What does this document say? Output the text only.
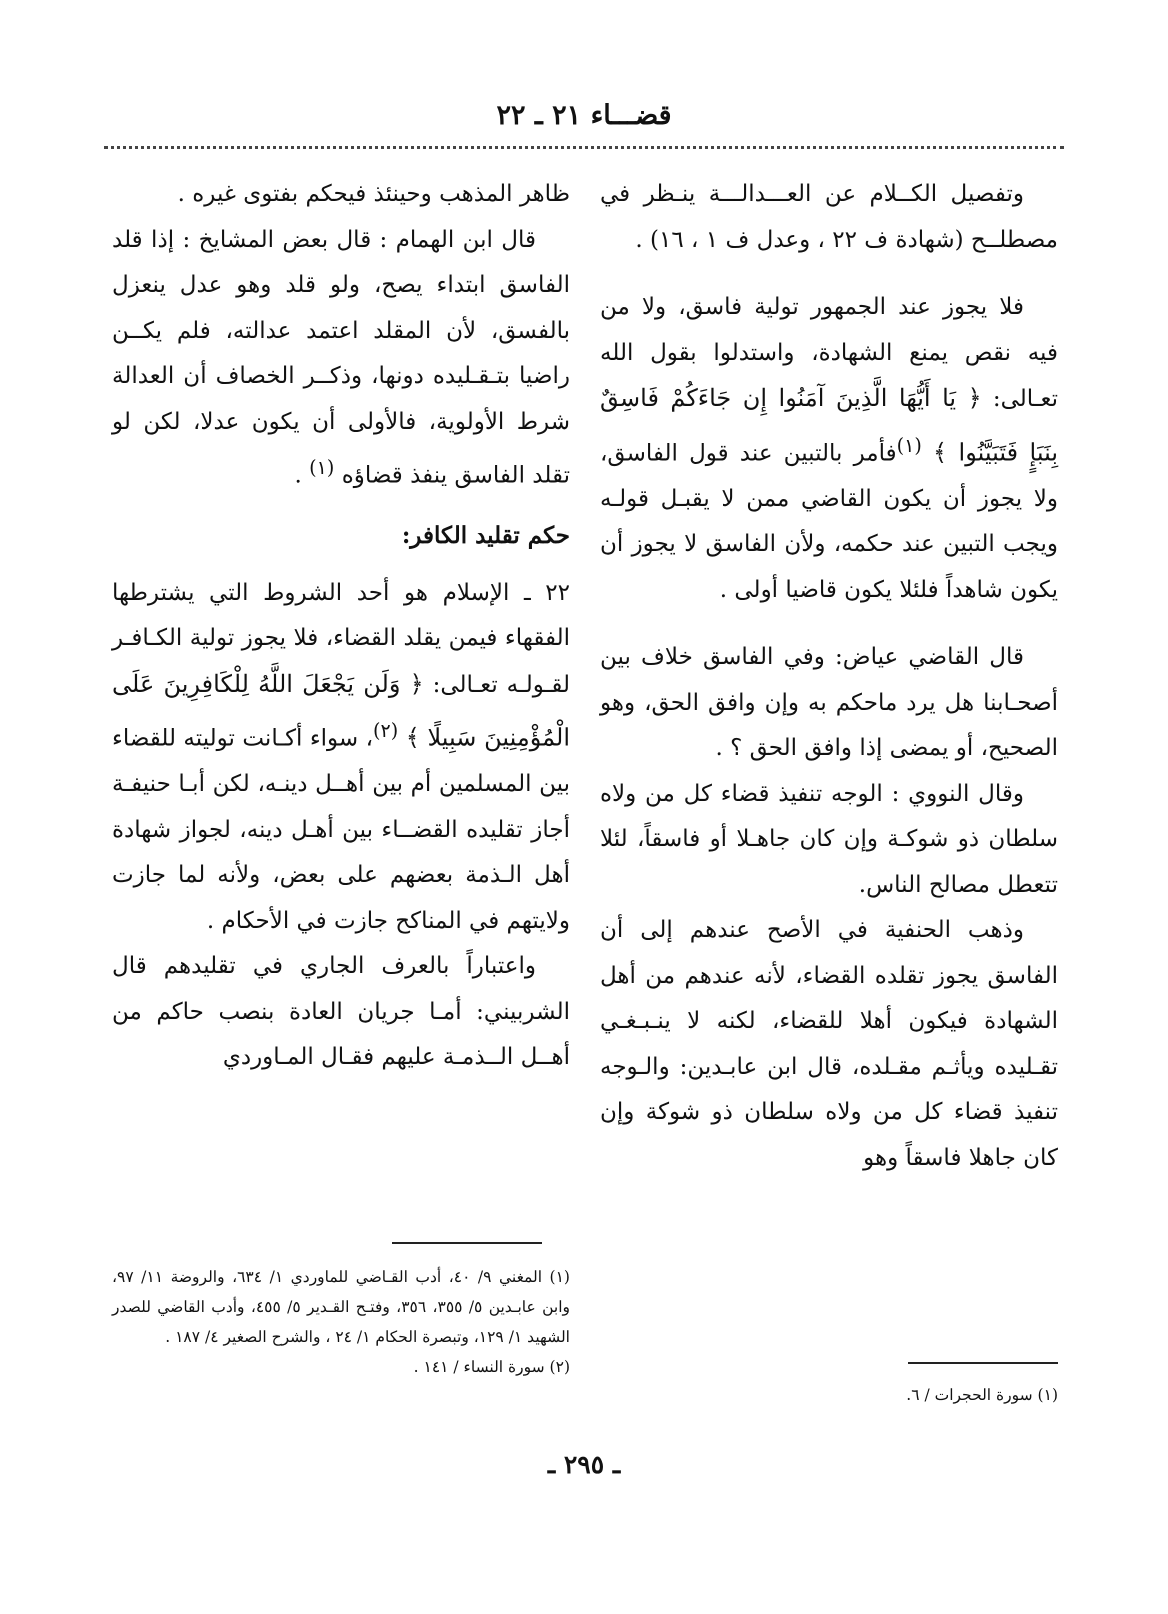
قضـــاء ٢١ ـ ٢٢

وتفصيل الكــلام عن العـــدالـــة ينـظر في مصطلــح (شهادة ف ٢٢ ، وعدل ف ١ ، ١٦) .

فلا يجوز عند الجمهور تولية فاسق، ولا من فيه نقص يمنع الشهادة، واستدلوا بقول الله تعـالى: ﴿ يَا أَيُّهَا الَّذِينَ آمَنُوا إِن جَاءَكُمْ فَاسِقٌ بِنَبَإٍ فَتَبَيَّنُوا ﴾ $^{(١)}$فأمر بالتبين عند قول الفاسق، ولا يجوز أن يكون القاضي ممن لا يقبـل قولـه ويجب التبين عند حكمه، ولأن الفاسق لا يجوز أن يكون شاهداً فلئلا يكون قاضيا أولى .

قال القاضي عياض: وفي الفاسق خلاف بين أصحـابنا هل يرد ماحكم به وإن وافق الحق، وهو الصحيح، أو يمضى إذا وافق الحق ؟ .

وقال النووي : الوجه تنفيذ قضاء كل من ولاه سلطان ذو شوكـة وإن كان جاهـلا أو فاسقاً، لئلا تتعطل مصالح الناس.

وذهب الحنفية في الأصح عندهم إلى أن الفاسق يجوز تقلده القضاء، لأنه عندهم من أهل الشهادة فيكون أهلا للقضاء، لكنه لا ينـبـغـي تقـليده ويأثـم مقـلده، قال ابن عابـدين: والـوجه تنفيذ قضاء كل من ولاه سلطان ذو شوكة وإن كان جاهلا فاسقاً وهو

ظاهر المذهب وحينئذ فيحكم بفتوى غيره .

قال ابن الهمام : قال بعض المشايخ : إذا قلد الفاسق ابتداء يصح، ولو قلد وهو عدل ينعزل بالفسق، لأن المقلد اعتمد عدالته، فلم يكــن راضيا بتـقـليده دونها، وذكــر الخصاف أن العدالة شرط الأولوية، فالأولى أن يكون عدلا، لكن لو تقلد الفاسق ينفذ قضاؤه $^{(١)}$ .

حكم تقليد الكافر:

٢٢ ـ الإسلام هو أحد الشروط التي يشترطها الفقهاء فيمن يقلد القضاء، فلا يجوز تولية الكـافـر لقـولـه تعـالى: ﴿ وَلَن يَجْعَلَ اللَّهُ لِلْكَافِرِينَ عَلَى الْمُؤْمِنِينَ سَبِيلًا ﴾ $^{(٢)}$، سواء أكـانت توليته للقضاء بين المسلمين أم بين أهــل دينـه، لكن أبـا حنيفـة أجاز تقليده القضــاء بين أهـل دينه، لجواز شهادة أهل الـذمة بعضهم على بعض، ولأنه لما جازت ولايتهم في المناكح جازت في الأحكام .

واعتباراً بالعرف الجاري في تقليدهم قال الشربيني: أمـا جريان العادة بنصب حاكم من أهــل الــذمـة عليهم فقـال المـاوردي

(١) المغني ٩/ ٤٠، أدب القـاضي للماوردي ١/ ٦٣٤، والروضة ١١/ ٩٧، وابن عابـدين ٥/ ٣٥٥، ٣٥٦، وفتـح القـدير ٥/ ٤٥٥، وأدب القاضي للصدر الشهيد ١/ ١٢٩، وتبصرة الحكام ١/ ٢٤ ، والشرح الصغير ٤/ ١٨٧ .

(٢) سورة النساء / ١٤١ .

(١) سورة الحجرات / ٦.

ـ ٢٩٥ ـ
